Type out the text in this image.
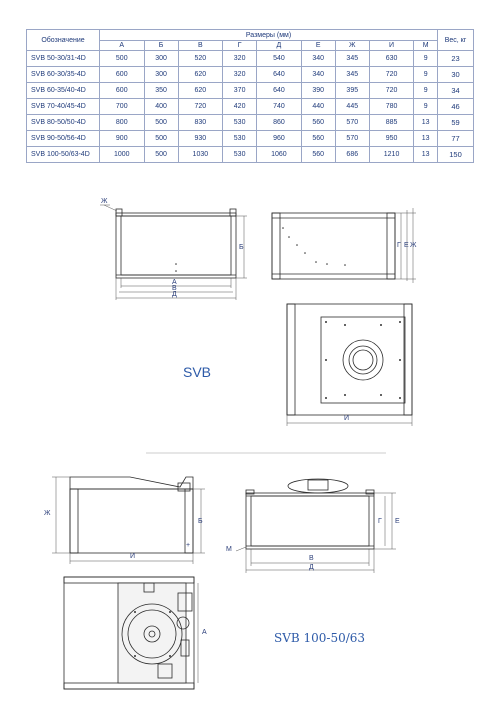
Обозначение	Размеры (мм)									Вес, кг
	А	Б	В	Г	Д	Е	Ж	И	М	
SVB 50-30/31-4D	500	300	520	320	540	340	345	630	9	23
SVB 60-30/35-4D	600	300	620	320	640	340	345	720	9	30
SVB 60-35/40-4D	600	350	620	370	640	390	395	720	9	34
SVB 70-40/45-4D	700	400	720	420	740	440	445	780	9	46
SVB 80-50/50-4D	800	500	830	530	860	560	570	885	13	59
SVB 90-50/56-4D	900	500	930	530	960	560	570	950	13	77
SVB 100-50/63-4D	1000	500	1030	530	1060	560	686	1210	13	150
+
Ж
А
В
Д
Б	Г Е Ж
И
SVB
Ж
Б
И
Г Е
М
В
Д
А	SVB 100-50/63
